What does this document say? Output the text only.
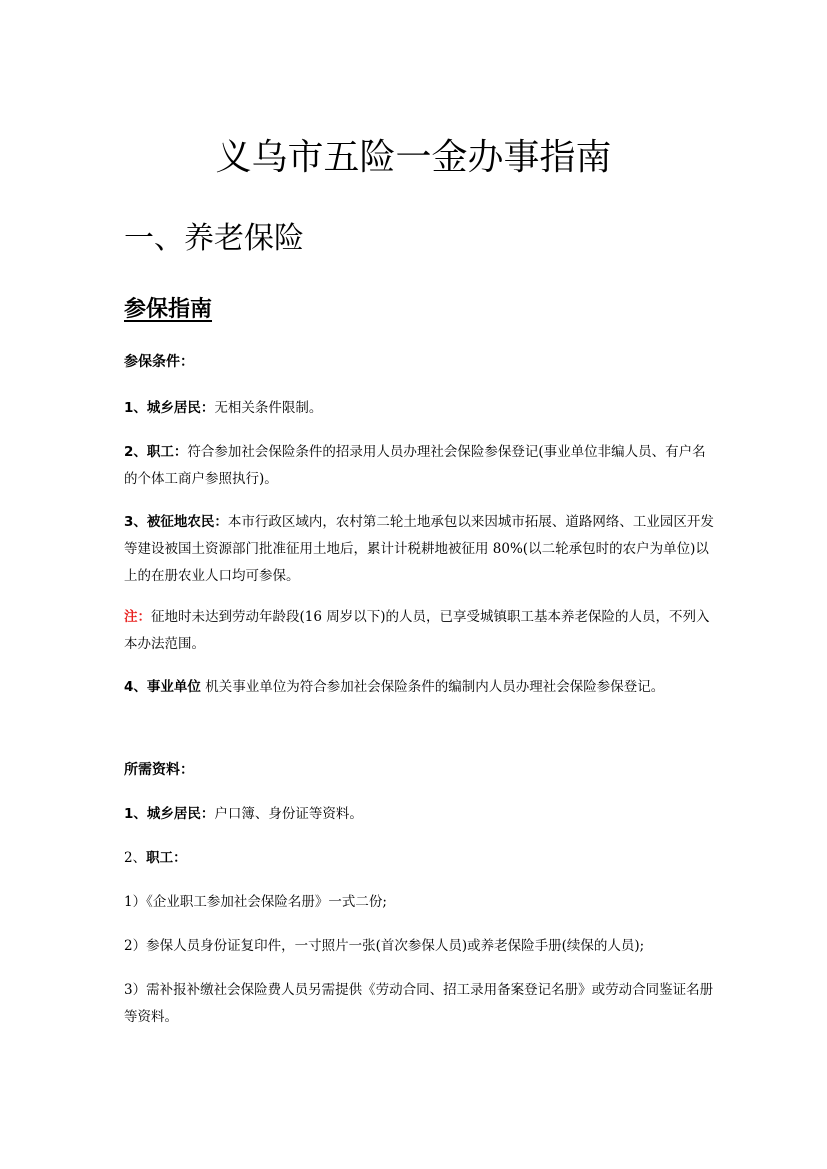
义乌市五险一金办事指南
一、养老保险
参保指南

参保条件：

1、城乡居民：无相关条件限制。

2、职工：符合参加社会保险条件的招录用人员办理社会保险参保登记(事业单位非编人员、有户名的个体工商户参照执行)。

3、被征地农民：本市行政区域内，农村第二轮土地承包以来因城市拓展、道路网络、工业园区开发等建设被国土资源部门批准征用土地后，累计计税耕地被征用 80%(以二轮承包时的农户为单位)以上的在册农业人口均可参保。

注：征地时未达到劳动年龄段(16 周岁以下)的人员，已享受城镇职工基本养老保险的人员，不列入本办法范围。

4、事业单位 机关事业单位为符合参加社会保险条件的编制内人员办理社会保险参保登记。

所需资料：

1、城乡居民：户口簿、身份证等资料。

2、职工：

1）《企业职工参加社会保险名册》一式二份;

2）参保人员身份证复印件，一寸照片一张(首次参保人员)或养老保险手册(续保的人员);

3）需补报补缴社会保险费人员另需提供《劳动合同、招工录用备案登记名册》或劳动合同鉴证名册等资料。
